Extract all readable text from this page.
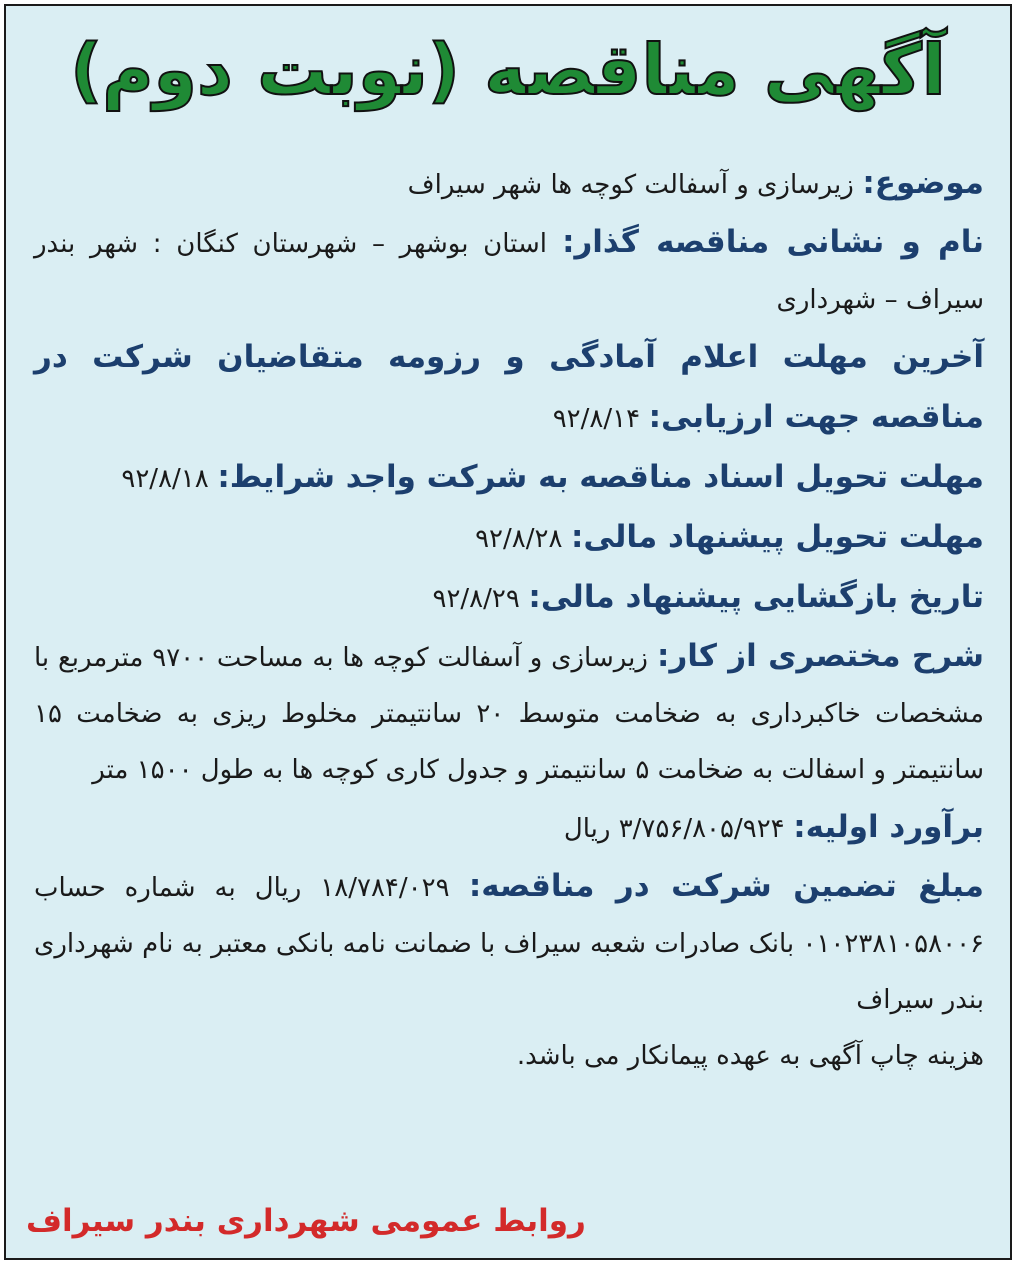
آگهی مناقصه (نوبت دوم)

موضوع: زیرسازی و آسفالت کوچه ها شهر سیراف

نام و نشانی مناقصه گذار: استان بوشهر – شهرستان کنگان : شهر بندر سیراف – شهرداری

آخرین مهلت اعلام آمادگی و رزومه متقاضیان شرکت در مناقصه جهت ارزیابی: ۹۲/۸/۱۴

مهلت تحویل اسناد مناقصه به شرکت واجد شرایط: ۹۲/۸/۱۸

مهلت تحویل پیشنهاد مالی: ۹۲/۸/۲۸

تاریخ بازگشایی پیشنهاد مالی: ۹۲/۸/۲۹

شرح مختصری از کار: زیرسازی و آسفالت کوچه ها به مساحت ۹۷۰۰ مترمربع با مشخصات خاکبرداری به ضخامت متوسط ۲۰ سانتیمتر مخلوط ریزی به ضخامت ۱۵ سانتیمتر و اسفالت به ضخامت ۵ سانتیمتر و جدول کاری کوچه ها به طول ۱۵۰۰ متر

برآورد اولیه: ۳/۷۵۶/۸۰۵/۹۲۴ ریال

مبلغ تضمین شرکت در مناقصه: ۱۸/۷۸۴/۰۲۹ ریال به شماره حساب ۰۱۰۲۳۸۱۰۵۸۰۰۶ بانک صادرات شعبه سیراف با ضمانت نامه بانکی معتبر به نام شهرداری بندر سیراف

هزینه چاپ آگهی به عهده پیمانکار می باشد.

روابط عمومی شهرداری بندر سیراف
